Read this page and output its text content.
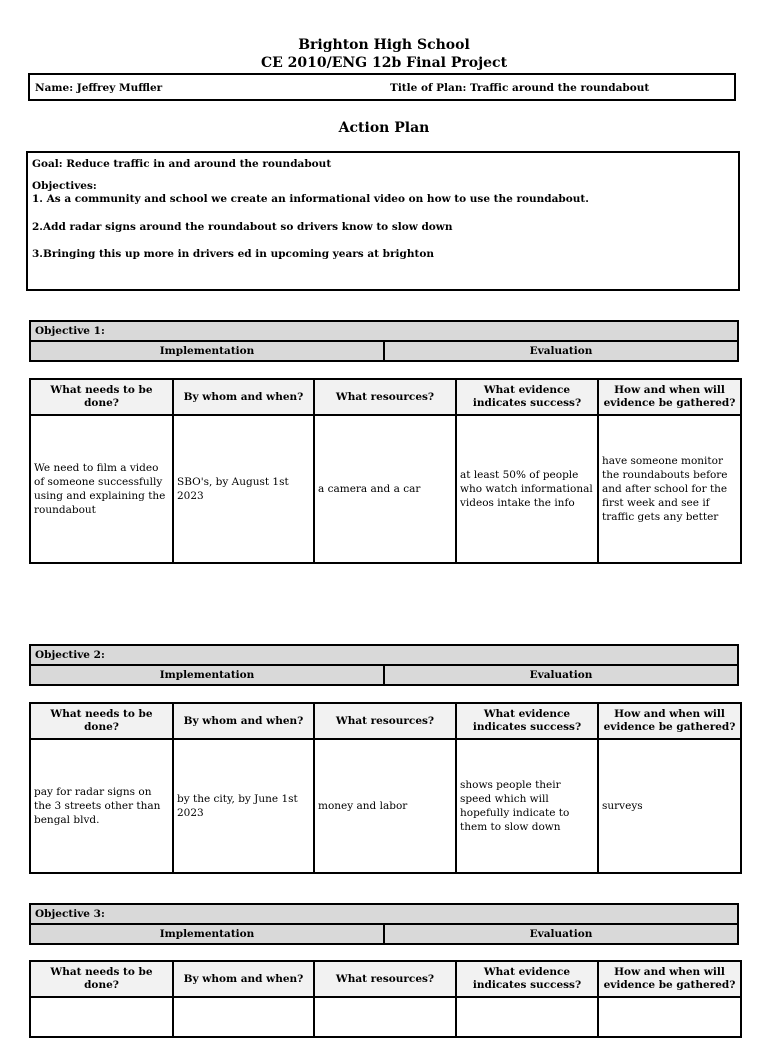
Brighton High School
CE 2010/ENG 12b Final Project
Name: Jeffrey Muffler	Title of Plan: Traffic around the roundabout
Action Plan

Goal: Reduce traffic in and around the roundabout

Objectives:

1. As a community and school we create an informational video on how to use the roundabout.

2.Add radar signs around the roundabout so drivers know to slow down

3.Bringing this up more in drivers ed in upcoming years at brighton

Objective 1:
Implementation	Evaluation
What needs to be done?	By whom and when?	What resources?	What evidence indicates success?	How and when will evidence be gathered?
We need to film a video of someone successfully using and explaining the roundabout	SBO's, by August 1st 2023	a camera and a car	at least 50% of people who watch informational videos intake the info	have someone monitor the roundabouts before and after school for the first week and see if traffic gets any better
Objective 2:
Implementation	Evaluation
What needs to be done?	By whom and when?	What resources?	What evidence indicates success?	How and when will evidence be gathered?
pay for radar signs on the 3 streets other than bengal blvd.	by the city, by June 1st 2023	money and labor	shows people their speed which will hopefully indicate to them to slow down	surveys
Objective 3:
Implementation	Evaluation
What needs to be done?	By whom and when?	What resources?	What evidence indicates success?	How and when will evidence be gathered?
